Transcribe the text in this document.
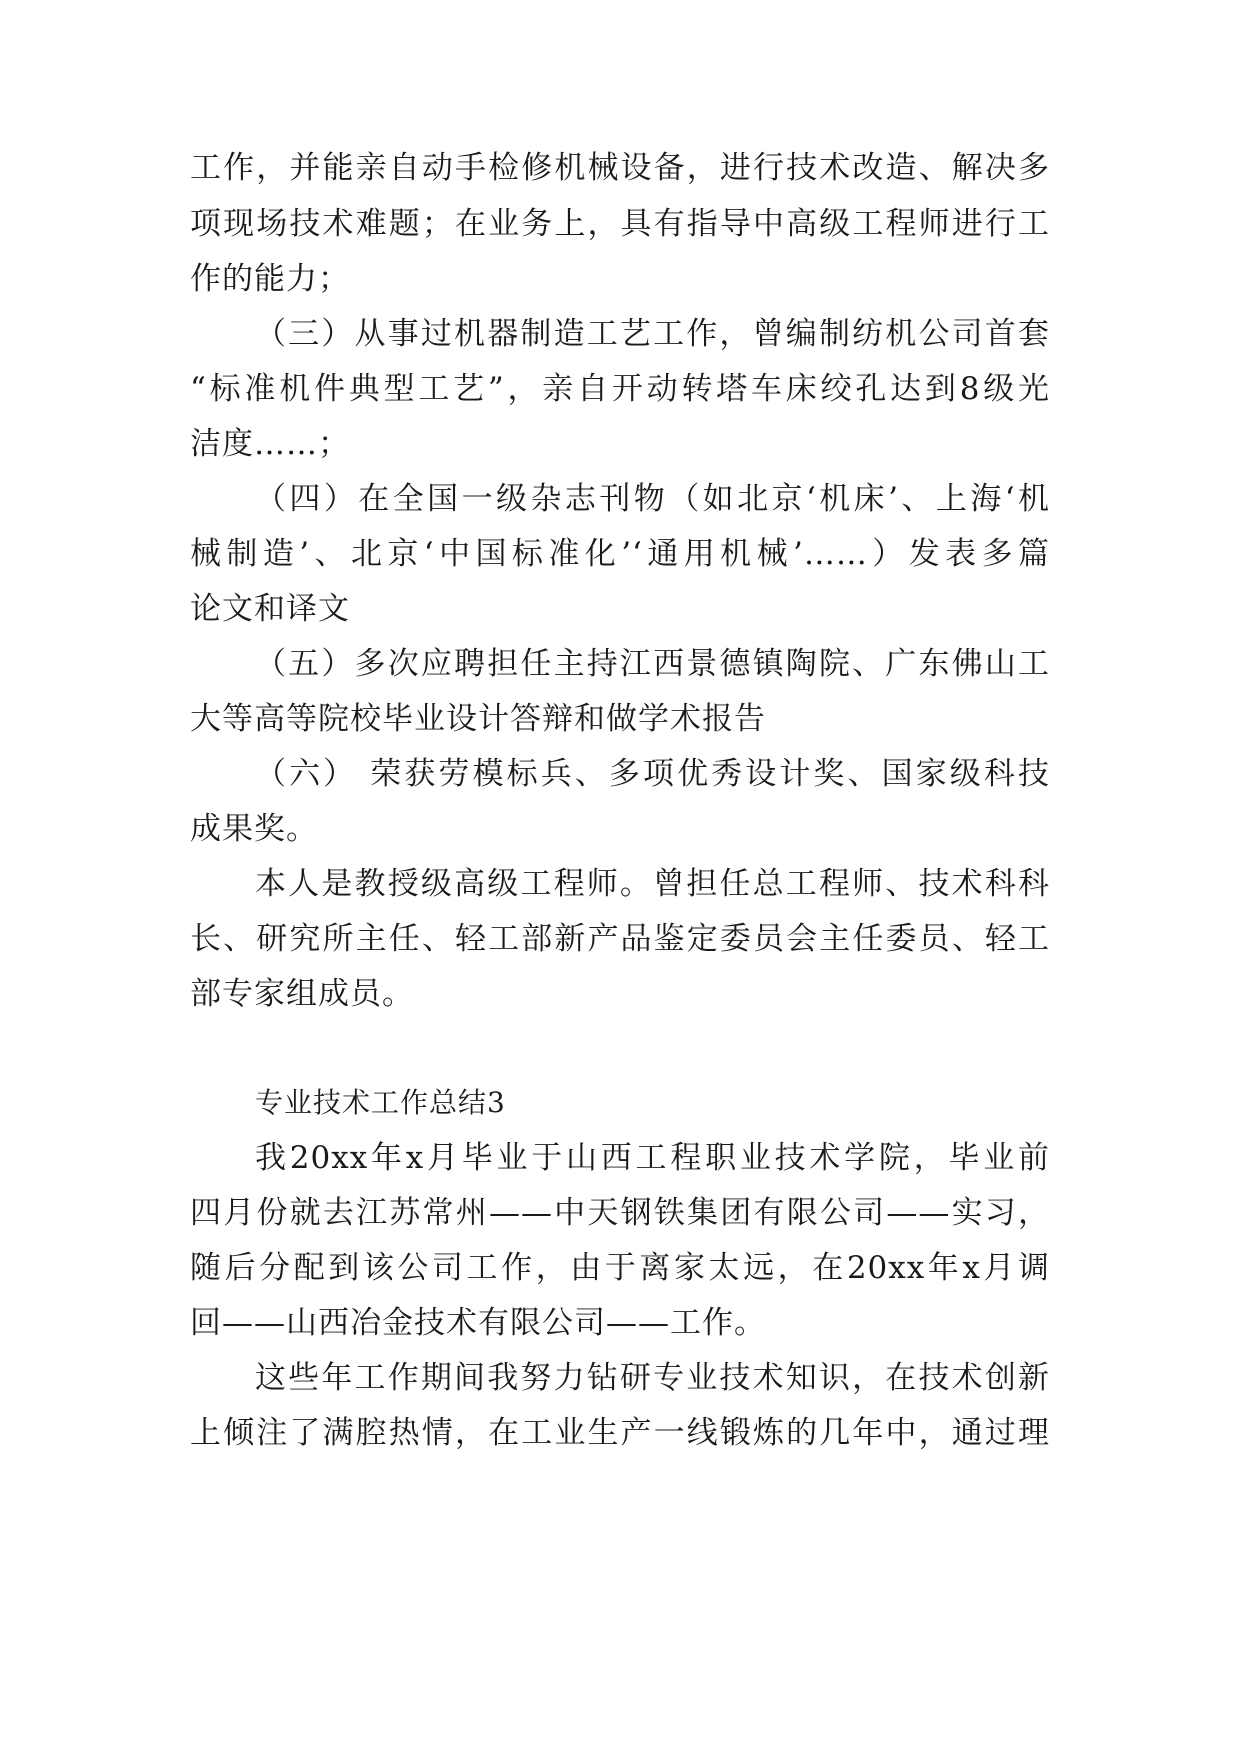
工作，并能亲自动手检修机械设备，进行技术改造、解决多
项现场技术难题；在业务上，具有指导中高级工程师进行工
作的能力；
（三）从事过机器制造工艺工作，曾编制纺机公司首套
“标准机件典型工艺”，亲自开动转塔车床绞孔达到8级光
洁度……；
（四）在全国一级杂志刊物（如北京‘机床’、上海‘机
械制造’、北京‘中国标准化’‘通用机械’……）发表多篇
论文和译文
（五）多次应聘担任主持江西景德镇陶院、广东佛山工
大等高等院校毕业设计答辩和做学术报告
（六） 荣获劳模标兵、多项优秀设计奖、国家级科技
成果奖。
本人是教授级高级工程师。曾担任总工程师、技术科科
长、研究所主任、轻工部新产品鉴定委员会主任委员、轻工
部专家组成员。
专业技术工作总结3
我20xx年x月毕业于山西工程职业技术学院，毕业前
四月份就去江苏常州——中天钢铁集团有限公司——实习，
随后分配到该公司工作，由于离家太远，在20xx年x月调
回——山西冶金技术有限公司——工作。
这些年工作期间我努力钻研专业技术知识，在技术创新
上倾注了满腔热情，在工业生产一线锻炼的几年中，通过理
